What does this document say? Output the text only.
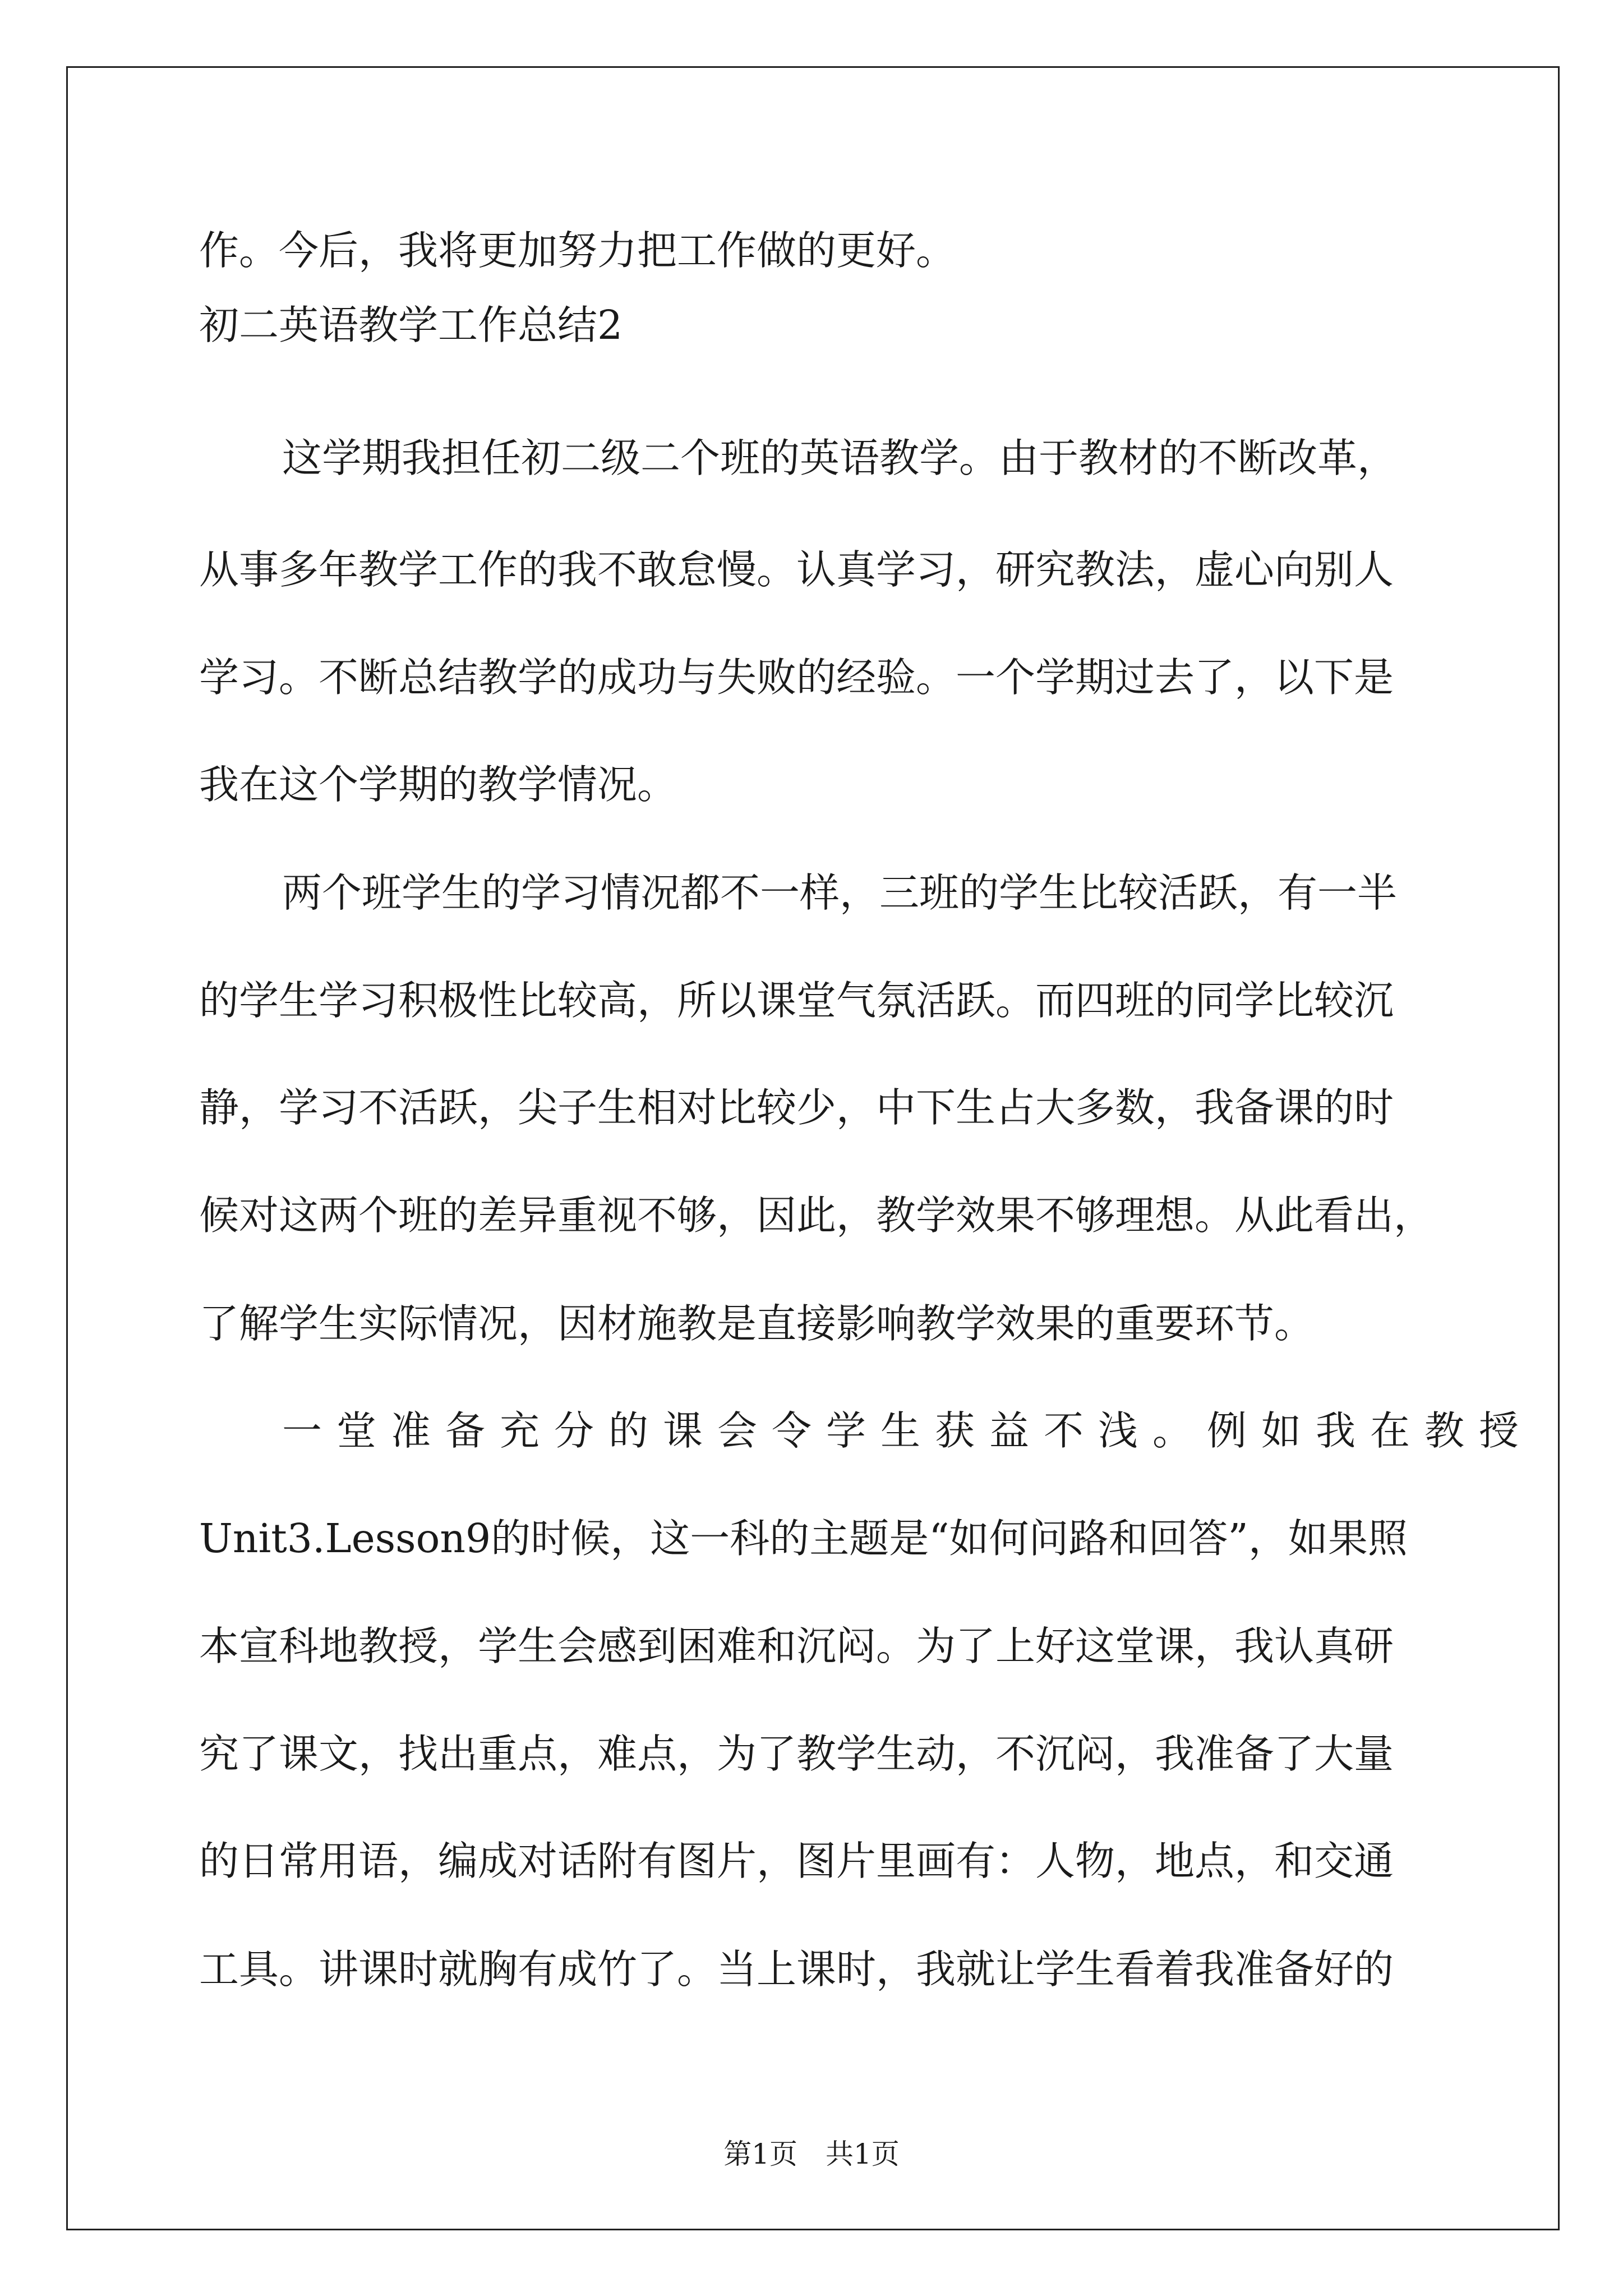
作。今后，我将更加努力把工作做的更好。
初二英语教学工作总结2
这学期我担任初二级二个班的英语教学。由于教材的不断改革，
从事多年教学工作的我不敢怠慢。认真学习，研究教法，虚心向别人
学习。不断总结教学的成功与失败的经验。一个学期过去了，以下是
我在这个学期的教学情况。
两个班学生的学习情况都不一样，三班的学生比较活跃，有一半
的学生学习积极性比较高，所以课堂气氛活跃。而四班的同学比较沉
静，学习不活跃，尖子生相对比较少，中下生占大多数，我备课的时
候对这两个班的差异重视不够，因此，教学效果不够理想。从此看出，
了解学生实际情况，因材施教是直接影响教学效果的重要环节。
一堂准备充分的课会令学生获益不浅。例如我在教授
Unit3.Lesson9的时候，这一科的主题是“如何问路和回答”，如果照
本宣科地教授，学生会感到困难和沉闷。为了上好这堂课，我认真研
究了课文，找出重点，难点，为了教学生动，不沉闷，我准备了大量
的日常用语，编成对话附有图片，图片里画有：人物，地点，和交通
工具。讲课时就胸有成竹了。当上课时，我就让学生看着我准备好的
第1页　共1页
